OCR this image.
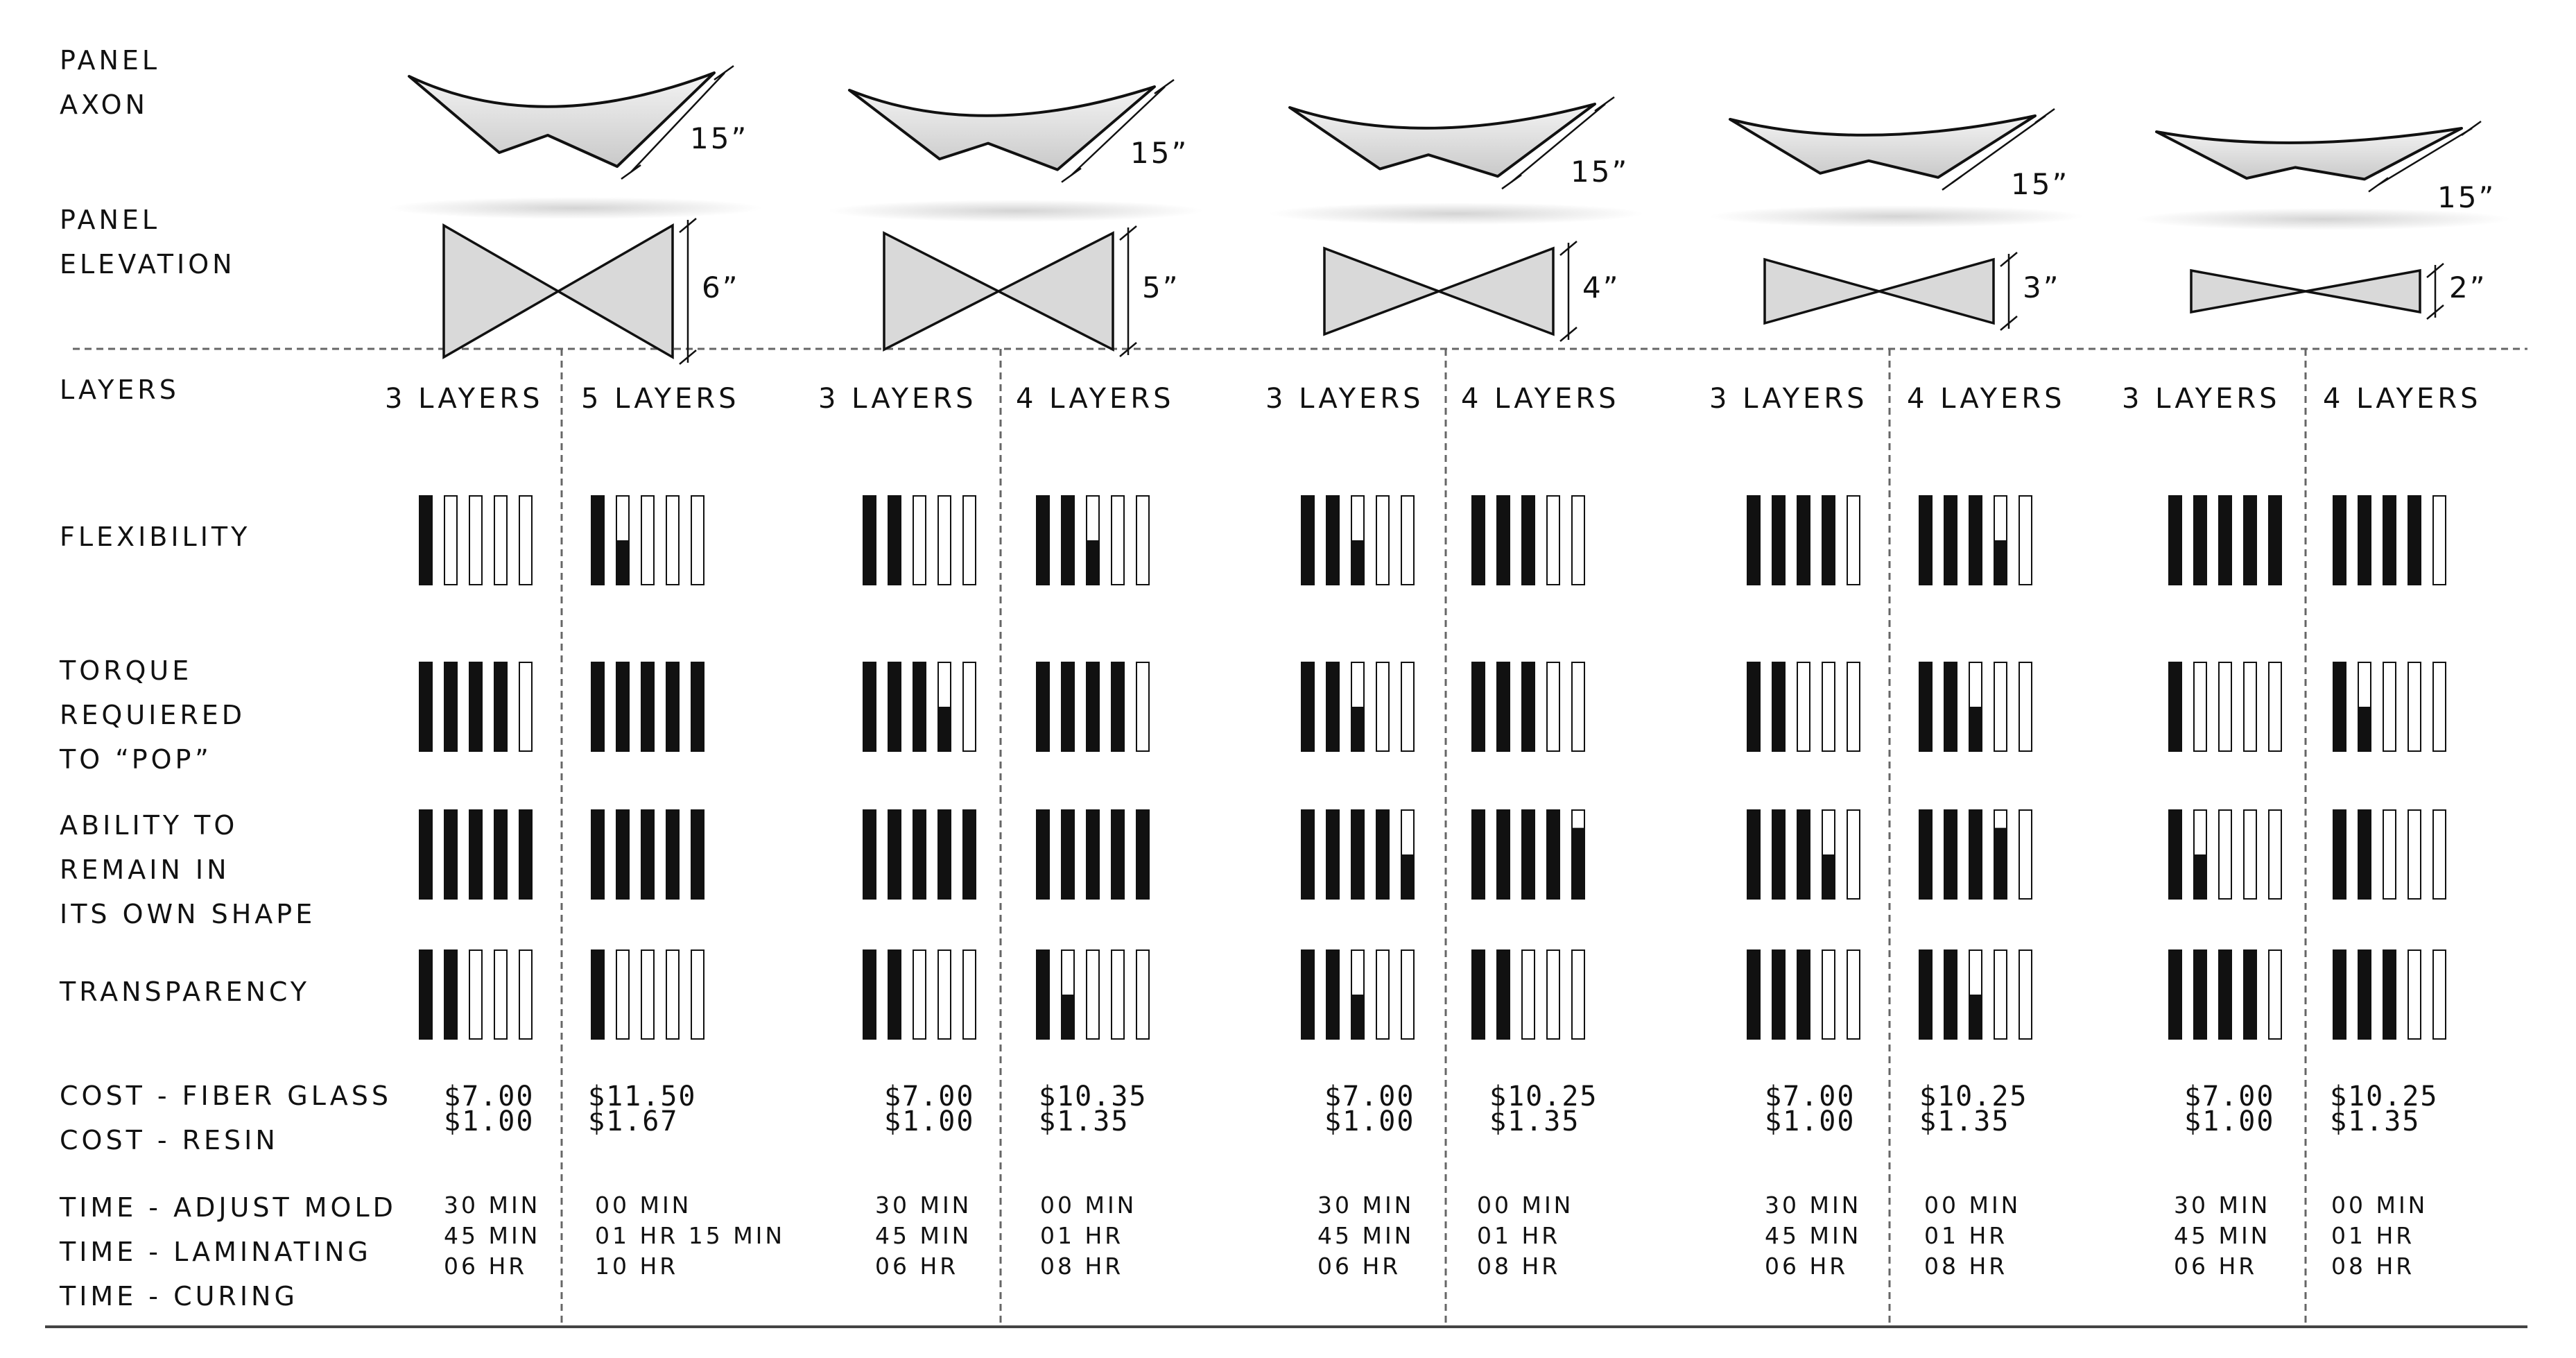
PANEL
AXON
PANEL
ELEVATION
LAYERS
FLEXIBILITY
TORQUE
REQUIERED
TO “POP”
ABILITY TO
REMAIN IN
ITS OWN SHAPE
TRANSPARENCY
COST - FIBER GLASS
COST - RESIN
TIME - ADJUST MOLD
TIME - LAMINATING
TIME - CURING
15”
6”
15”
5”
15”
4”
15”
3”
15”
2”
3 LAYERS
$7.00
$1.00
30 MIN
45 MIN
06 HR
5 LAYERS
$11.50
$1.67
00 MIN
01 HR 15 MIN
10 HR
3 LAYERS
$7.00
$1.00
30 MIN
45 MIN
06 HR
4 LAYERS
$10.35
$1.35
00 MIN
01 HR
08 HR
3 LAYERS
$7.00
$1.00
30 MIN
45 MIN
06 HR
4 LAYERS
$10.25
$1.35
00 MIN
01 HR
08 HR
3 LAYERS
$7.00
$1.00
30 MIN
45 MIN
06 HR
4 LAYERS
$10.25
$1.35
00 MIN
01 HR
08 HR
3 LAYERS
$7.00
$1.00
30 MIN
45 MIN
06 HR
4 LAYERS
$10.25
$1.35
00 MIN
01 HR
08 HR
